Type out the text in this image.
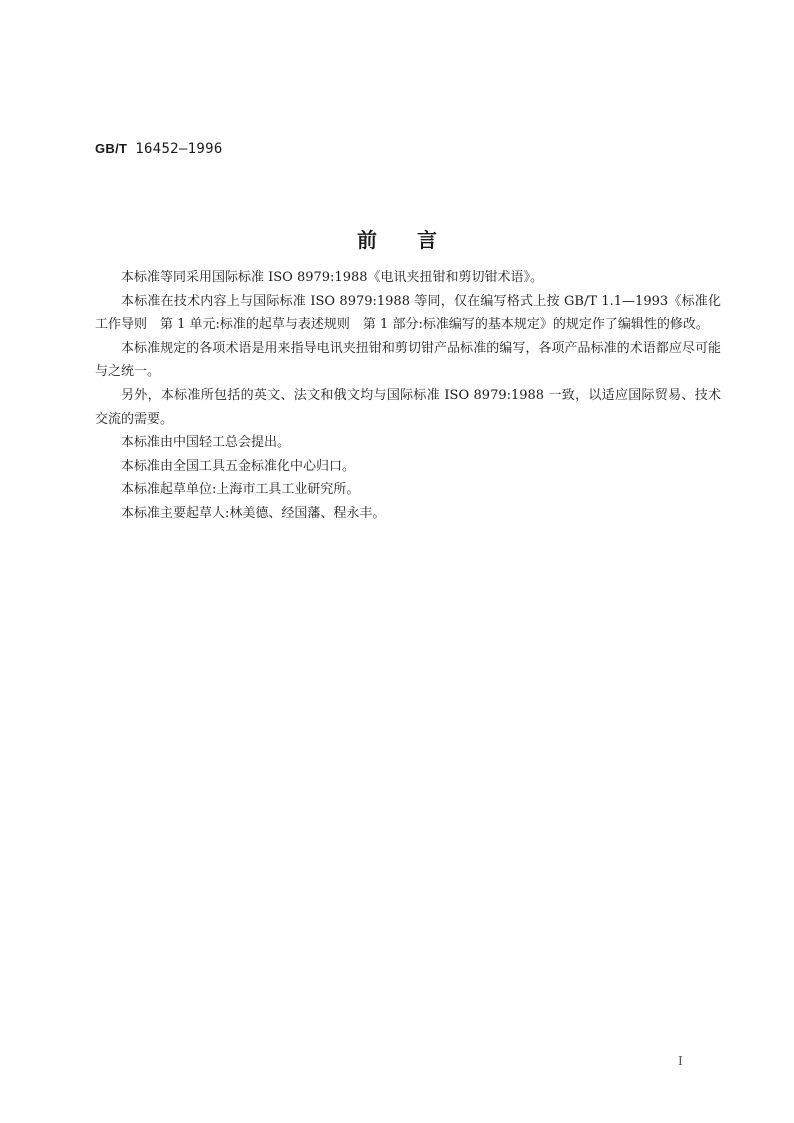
GB/T 16452—1996
前言

本标准等同采用国际标准 ISO 8979:1988《电讯夹扭钳和剪切钳术语》。

本标准在技术内容上与国际标准 ISO 8979:1988 等同，仅在编写格式上按 GB/T 1.1—1993《标准化工作导则　第 1 单元:标准的起草与表述规则　第 1 部分:标准编写的基本规定》的规定作了编辑性的修改。

本标准规定的各项术语是用来指导电讯夹扭钳和剪切钳产品标准的编写，各项产品标准的术语都应尽可能与之统一。

另外，本标准所包括的英文、法文和俄文均与国际标准 ISO 8979:1988 一致，以适应国际贸易、技术交流的需要。

本标准由中国轻工总会提出。

本标准由全国工具五金标准化中心归口。

本标准起草单位:上海市工具工业研究所。

本标准主要起草人:林美德、经国藩、程永丰。

I
